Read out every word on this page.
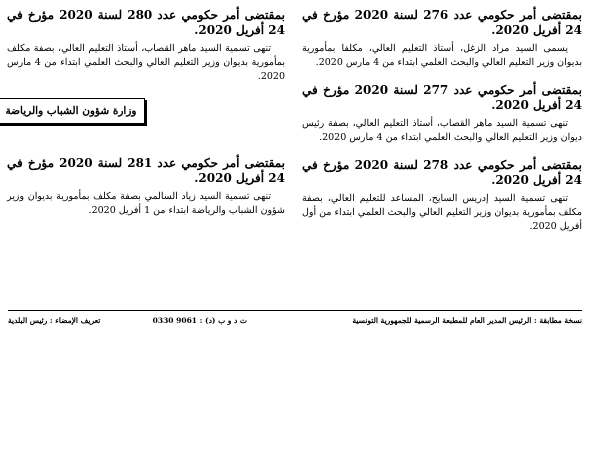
بمقتضى أمر حكومي عدد 276 لسنة 2020 مؤرخ في 24 أفريل 2020.

يسمى السيد مراد الزغل، أستاذ التعليم العالي، مكلفا بمأمورية بديوان وزير التعليم العالي والبحث العلمي ابتداء من 4 مارس 2020.

بمقتضى أمر حكومي عدد 277 لسنة 2020 مؤرخ في 24 أفريل 2020.

تنهى تسمية السيد ماهر القصاب، أستاذ التعليم العالي، بصفة رئيس ديوان وزير التعليم العالي والبحث العلمي ابتداء من 4 مارس 2020.

بمقتضى أمر حكومي عدد 278 لسنة 2020 مؤرخ في 24 أفريل 2020.

تنهى تسمية السيد إدريس السايح، المساعد للتعليم العالي، بصفة مكلف بمأمورية بديوان وزير التعليم العالي والبحث العلمي ابتداء من أول أفريل 2020.

بمقتضى أمر حكومي عدد 280 لسنة 2020 مؤرخ في 24 أفريل 2020.

تنهى تسمية السيد ماهر القصاب، أستاذ التعليم العالي، بصفة مكلف بمأمورية بديوان وزير التعليم العالي والبحث العلمي ابتداء من 4 مارس 2020.

وزارة شؤون الشباب والرياضة
بمقتضى أمر حكومي عدد 281 لسنة 2020 مؤرخ في 24 أفريل 2020.

تنهى تسمية السيد زياد السالمي بصفة مكلف بمأمورية بديوان وزير شؤون الشباب والرياضة ابتداء من 1 أفريل 2020.

نسخة مطابقة : الرئيس المدير العام للمطبعة الرسمية للجمهورية التونسية
ت د و ب (د) : 9061 0330
تعريف الإمضاء : رئيس البلدية
